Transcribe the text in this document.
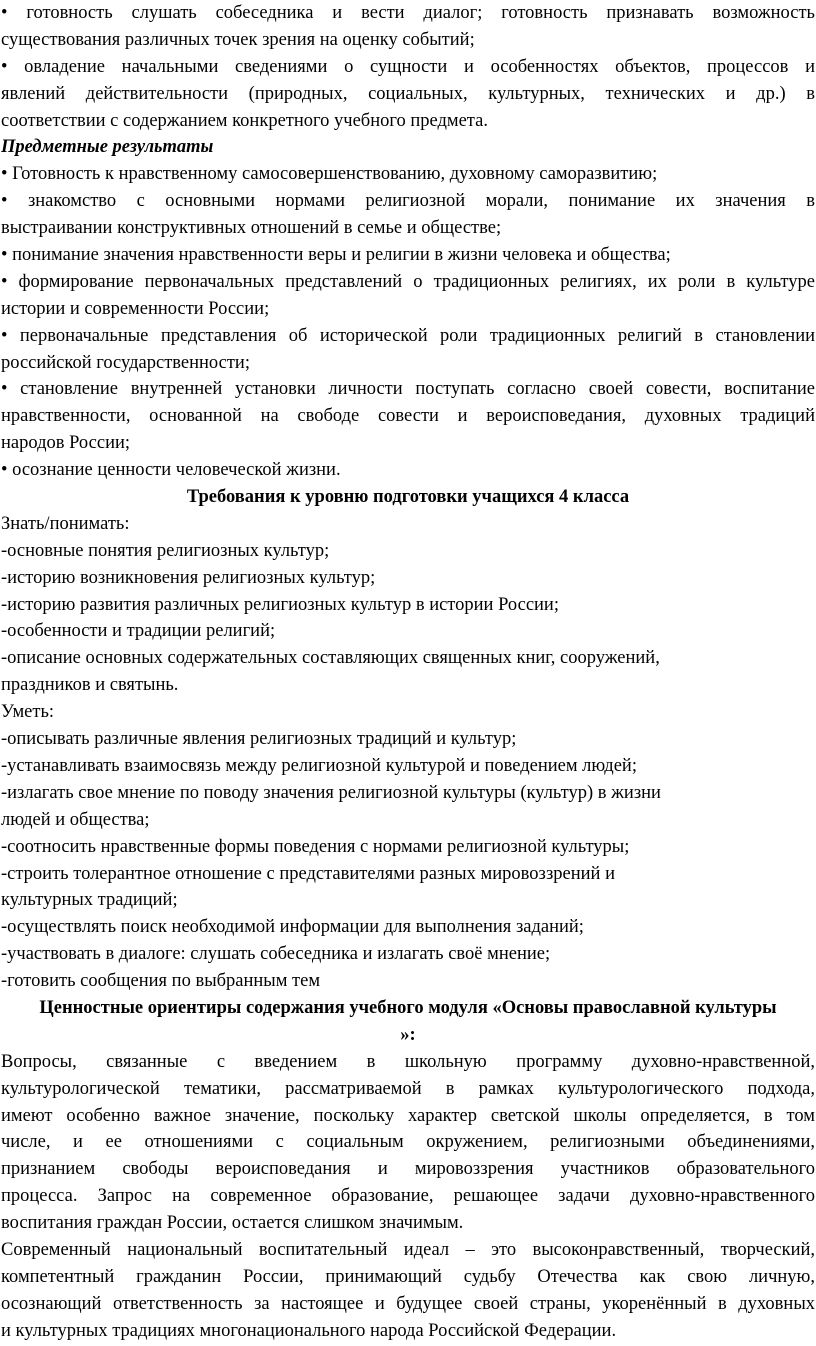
• готовность слушать собеседника и вести диалог; готовность признавать возможность
существования различных точек зрения на оценку событий;
• овладение начальными сведениями о сущности и особенностях объектов, процессов и
явлений действительности (природных, социальных, культурных, технических и др.) в
соответствии с содержанием конкретного учебного предмета.
Предметные результаты
• Готовность к нравственному самосовершенствованию, духовному саморазвитию;
• знакомство с основными нормами религиозной морали, понимание их значения в
выстраивании конструктивных отношений в семье и обществе;
• понимание значения нравственности веры и религии в жизни человека и общества;
• формирование первоначальных представлений о традиционных религиях, их роли в культуре
истории и современности России;
• первоначальные представления об исторической роли традиционных религий в становлении
российской государственности;
• становление внутренней установки личности поступать согласно своей совести, воспитание
нравственности, основанной на свободе совести и вероисповедания, духовных традиций
народов России;
• осознание ценности человеческой жизни.
Требования к уровню подготовки учащихся 4 класса
Знать/понимать:
-основные понятия религиозных культур;
-историю возникновения религиозных культур;
-историю развития различных религиозных культур в истории России;
-особенности и традиции религий;
-описание основных содержательных составляющих священных книг, сооружений,
праздников и святынь.
Уметь:
-описывать различные явления религиозных традиций и культур;
-устанавливать взаимосвязь между религиозной культурой и поведением людей;
-излагать свое мнение по поводу значения религиозной культуры (культур) в жизни
людей и общества;
-соотносить нравственные формы поведения с нормами религиозной культуры;
-строить толерантное отношение с представителями разных мировоззрений и
культурных традиций;
-осуществлять поиск необходимой информации для выполнения заданий;
-участвовать в диалоге: слушать собеседника и излагать своё мнение;
-готовить сообщения по выбранным тем
Ценностные ориентиры содержания учебного модуля «Основы православной культуры
»:
Вопросы, связанные с введением в школьную программу духовно-нравственной,
культурологической тематики, рассматриваемой в рамках культурологического подхода,
имеют особенно важное значение, поскольку характер светской школы определяется, в том
числе, и ее отношениями с социальным окружением, религиозными объединениями,
признанием свободы вероисповедания и мировоззрения участников образовательного
процесса. Запрос на современное образование, решающее задачи духовно-нравственного
воспитания граждан России, остается слишком значимым.
Современный национальный воспитательный идеал – это высоконравственный, творческий,
компетентный гражданин России, принимающий судьбу Отечества как свою личную,
осознающий ответственность за настоящее и будущее своей страны, укоренённый в духовных
и культурных традициях многонационального народа Российской Федерации.
